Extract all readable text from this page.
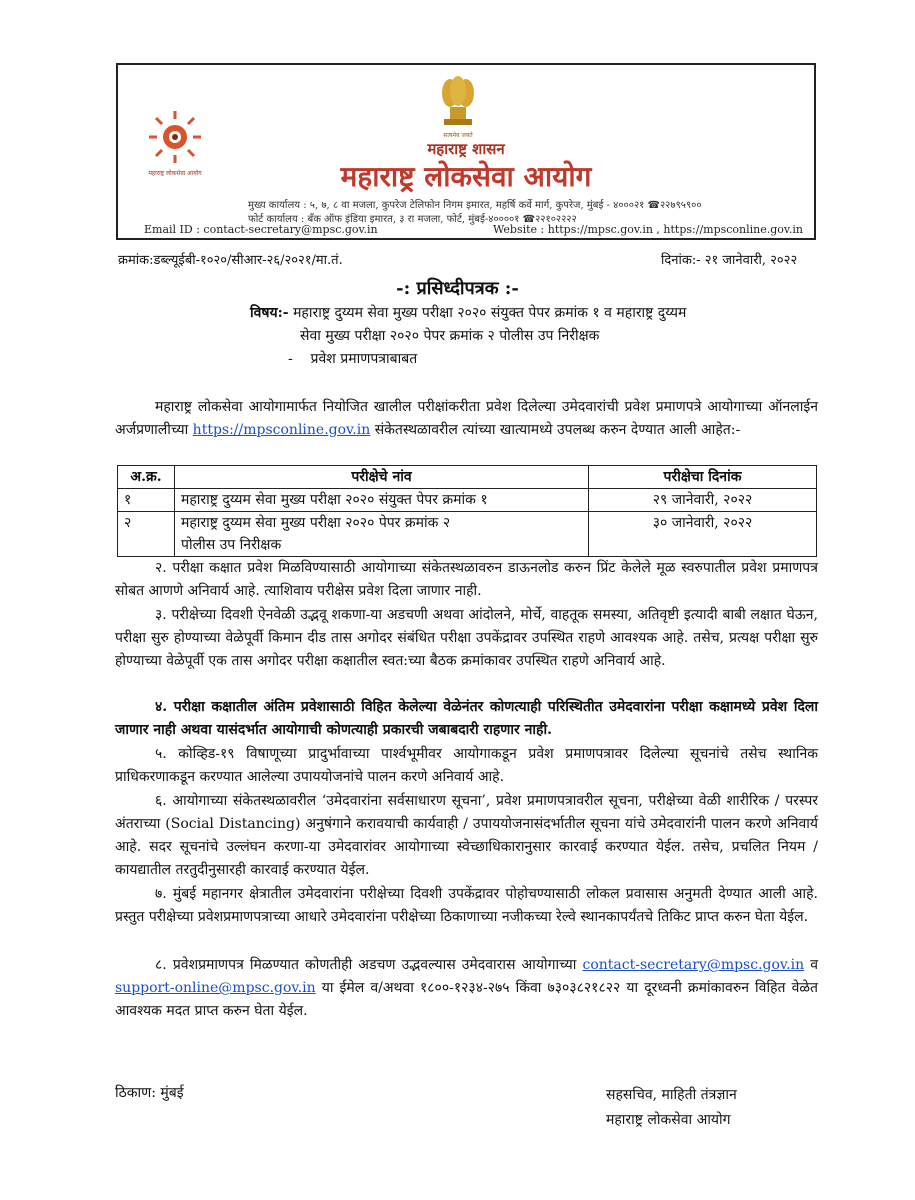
महाराष्ट्र लोकसेवा आयोग
सत्यमेव जयते
महाराष्ट्र शासन
महाराष्ट्र लोकसेवा आयोग
मुख्य कार्यालय : ५, ७, ८ वा मजला, कुपरेज टेलिफोन निगम इमारत, महर्षि कर्वे मार्ग, कुपरेज, मुंबई - ४०००२१ ☎२२७९५९००
फोर्ट कार्यालय : बँक ऑफ इंडिया इमारत, ३ रा मजला, फोर्ट, मुंबई-४००००१ ☎२२१०२२२२
Email ID : contact-secretary@mpsc.gov.in	Website : https://mpsc.gov.in , https://mpsconline.gov.in
क्रमांक:डब्ल्यूईबी-१०२०/सीआर-२६/२०२१/मा.तं.	दिनांक:- २१ जानेवारी, २०२२
-: प्रसिध्दीपत्रक :-
विषय:- महाराष्ट्र दुय्यम सेवा मुख्य परीक्षा २०२० संयुक्त पेपर क्रमांक १ व महाराष्ट्र दुय्यम
सेवा मुख्य परीक्षा २०२० पेपर क्रमांक २ पोलीस उप निरीक्षक
- प्रवेश प्रमाणपत्राबाबत
महाराष्ट्र लोकसेवा आयोगामार्फत नियोजित खालील परीक्षांकरीता प्रवेश दिलेल्या उमेदवारांची प्रवेश प्रमाणपत्रे आयोगाच्या ऑनलाईन अर्जप्रणालीच्या https://mpsconline.gov.in संकेतस्थळावरील त्यांच्या खात्यामध्ये उपलब्ध करुन देण्यात आली आहेत:-
अ.क्र.	परीक्षेचे नांव	परीक्षेचा दिनांक
१	महाराष्ट्र दुय्यम सेवा मुख्य परीक्षा २०२० संयुक्त पेपर क्रमांक १	२९ जानेवारी, २०२२
२	महाराष्ट्र दुय्यम सेवा मुख्य परीक्षा २०२० पेपर क्रमांक २
पोलीस उप निरीक्षक	३० जानेवारी, २०२२
२. परीक्षा कक्षात प्रवेश मिळविण्यासाठी आयोगाच्या संकेतस्थळावरुन डाऊनलोड करुन प्रिंट केलेले मूळ स्वरुपातील प्रवेश प्रमाणपत्र सोबत आणणे अनिवार्य आहे. त्याशिवाय परीक्षेस प्रवेश दिला जाणार नाही.
३. परीक्षेच्या दिवशी ऐनवेळी उद्भवू शकणा-या अडचणी अथवा आंदोलने, मोर्चे, वाहतूक समस्या, अतिवृष्टी इत्यादी बाबी लक्षात घेऊन, परीक्षा सुरु होण्याच्या वेळेपूर्वी किमान दीड तास अगोदर संबंधित परीक्षा उपकेंद्रावर उपस्थित राहणे आवश्यक आहे. तसेच, प्रत्यक्ष परीक्षा सुरु होण्याच्या वेळेपूर्वी एक तास अगोदर परीक्षा कक्षातील स्वत:च्या बैठक क्रमांकावर उपस्थित राहणे अनिवार्य आहे.
४. परीक्षा कक्षातील अंतिम प्रवेशासाठी विहित केलेल्या वेळेनंतर कोणत्याही परिस्थितीत उमेदवारांना परीक्षा कक्षामध्ये प्रवेश दिला जाणार नाही अथवा यासंदर्भात आयोगाची कोणत्याही प्रकारची जबाबदारी राहणार नाही.
५. कोव्हिड-१९ विषाणूच्या प्रादुर्भावाच्या पार्श्वभूमीवर आयोगाकडून प्रवेश प्रमाणपत्रावर दिलेल्या सूचनांचे तसेच स्थानिक प्राधिकरणाकडून करण्यात आलेल्या उपाययोजनांचे पालन करणे अनिवार्य आहे.
६. आयोगाच्या संकेतस्थळावरील ‘उमेदवारांना सर्वसाधारण सूचना’, प्रवेश प्रमाणपत्रावरील सूचना, परीक्षेच्या वेळी शारीरिक / परस्पर अंतराच्या (Social Distancing) अनुषंगाने करावयाची कार्यवाही / उपाययोजनासंदर्भातील सूचना यांचे उमेदवारांनी पालन करणे अनिवार्य आहे. सदर सूचनांचे उल्लंघन करणा-या उमेदवारांवर आयोगाच्या स्वेच्छाधिकारानुसार कारवाई करण्यात येईल. तसेच, प्रचलित नियम / कायद्यातील तरतुदीनुसारही कारवाई करण्यात येईल.
७. मुंबई महानगर क्षेत्रातील उमेदवारांना परीक्षेच्या दिवशी उपकेंद्रावर पोहोचण्यासाठी लोकल प्रवासास अनुमती देण्यात आली आहे. प्रस्तुत परीक्षेच्या प्रवेशप्रमाणपत्राच्या आधारे उमेदवारांना परीक्षेच्या ठिकाणाच्या नजीकच्या रेल्वे स्थानकापर्यंतचे तिकिट प्राप्त करुन घेता येईल.
८. प्रवेशप्रमाणपत्र मिळण्यात कोणतीही अडचण उद्भवल्यास उमेदवारास आयोगाच्या contact-secretary@mpsc.gov.in व support-online@mpsc.gov.in या ईमेल व/अथवा १८००-१२३४-२७५ किंवा ७३०३८२१८२२ या दूरध्वनी क्रमांकावरुन विहित वेळेत आवश्यक मदत प्राप्त करुन घेता येईल.
ठिकाण: मुंबई	सहसचिव, माहिती तंत्रज्ञान
महाराष्ट्र लोकसेवा आयोग
